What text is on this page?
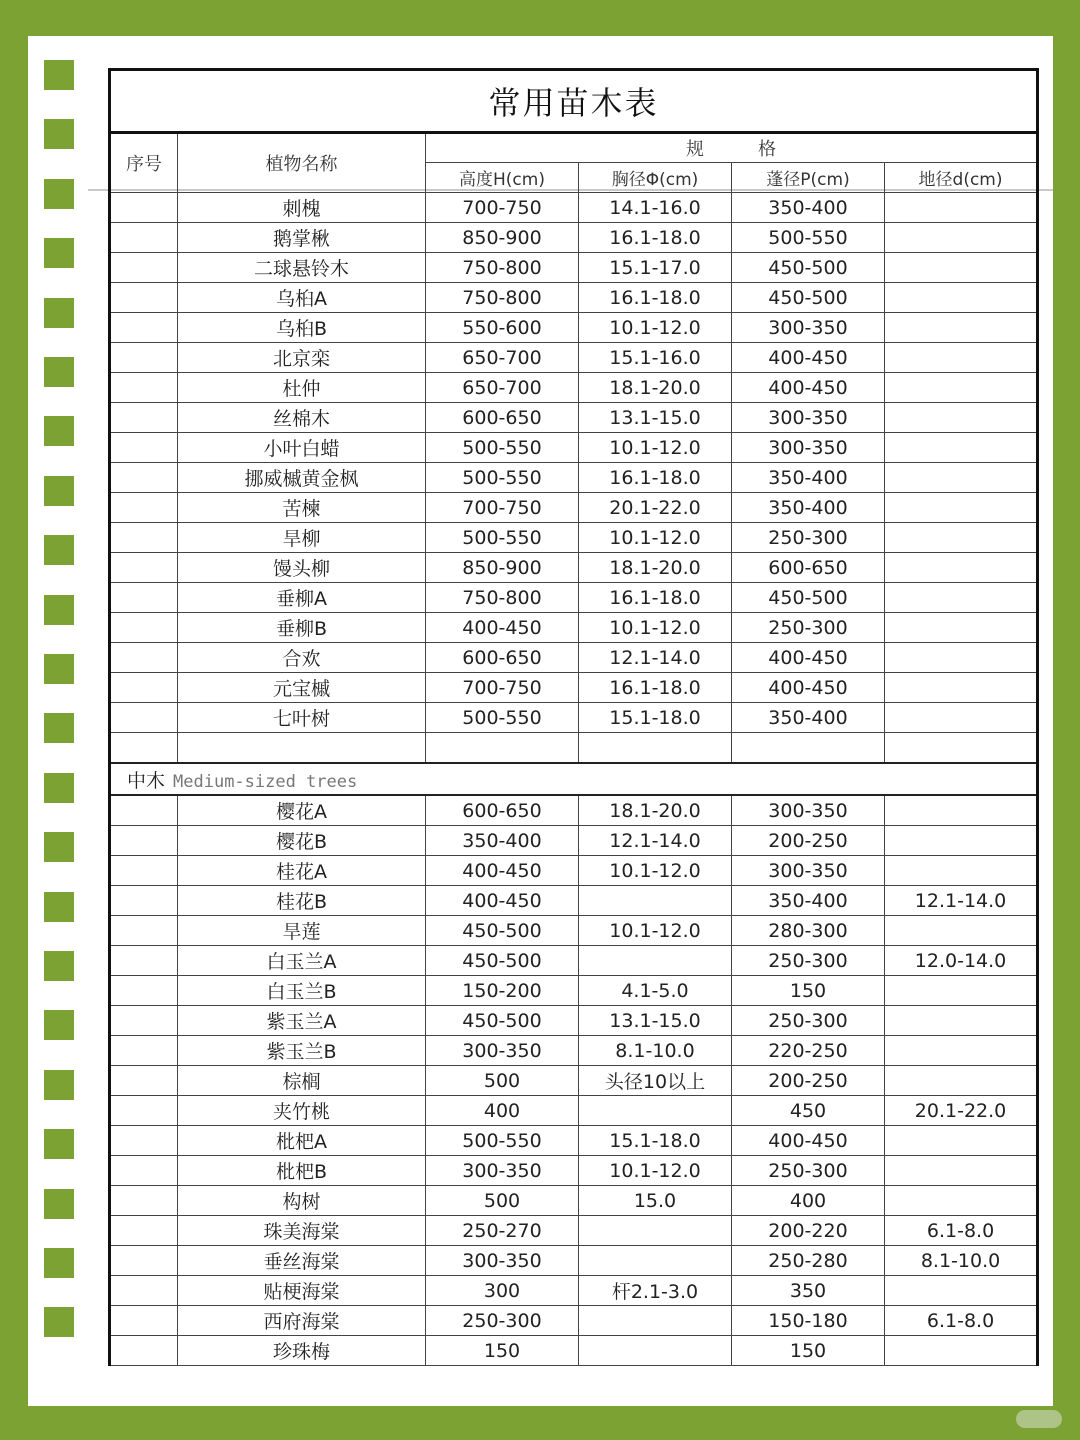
常用苗木表					
序号	植物名称	规　　　格			
		高度H(cm)	胸径Φ(cm)	蓬径P(cm)	地径d(cm)
	刺槐	700-750	14.1-16.0	350-400	
	鹅掌楸	850-900	16.1-18.0	500-550	
	二球悬铃木	750-800	15.1-17.0	450-500	
	乌桕A	750-800	16.1-18.0	450-500	
	乌桕B	550-600	10.1-12.0	300-350	
	北京栾	650-700	15.1-16.0	400-450	
	杜仲	650-700	18.1-20.0	400-450	
	丝棉木	600-650	13.1-15.0	300-350	
	小叶白蜡	500-550	10.1-12.0	300-350	
	挪威槭黄金枫	500-550	16.1-18.0	350-400	
	苦楝	700-750	20.1-22.0	350-400	
	旱柳	500-550	10.1-12.0	250-300	
	馒头柳	850-900	18.1-20.0	600-650	
	垂柳A	750-800	16.1-18.0	450-500	
	垂柳B	400-450	10.1-12.0	250-300	
	合欢	600-650	12.1-14.0	400-450	
	元宝槭	700-750	16.1-18.0	400-450	
	七叶树	500-550	15.1-18.0	350-400	

中木 Medium-sized trees					
	樱花A	600-650	18.1-20.0	300-350	
	樱花B	350-400	12.1-14.0	200-250	
	桂花A	400-450	10.1-12.0	300-350	
	桂花B	400-450		350-400	12.1-14.0
	旱莲	450-500	10.1-12.0	280-300	
	白玉兰A	450-500		250-300	12.0-14.0
	白玉兰B	150-200	4.1-5.0	150	
	紫玉兰A	450-500	13.1-15.0	250-300	
	紫玉兰B	300-350	8.1-10.0	220-250	
	棕榈	500	头径10以上	200-250	
	夹竹桃	400		450	20.1-22.0
	枇杷A	500-550	15.1-18.0	400-450	
	枇杷B	300-350	10.1-12.0	250-300	
	构树	500	15.0	400	
	珠美海棠	250-270		200-220	6.1-8.0
	垂丝海棠	300-350		250-280	8.1-10.0
	贴梗海棠	300	杆2.1-3.0	350	
	西府海棠	250-300		150-180	6.1-8.0
	珍珠梅	150		150	
